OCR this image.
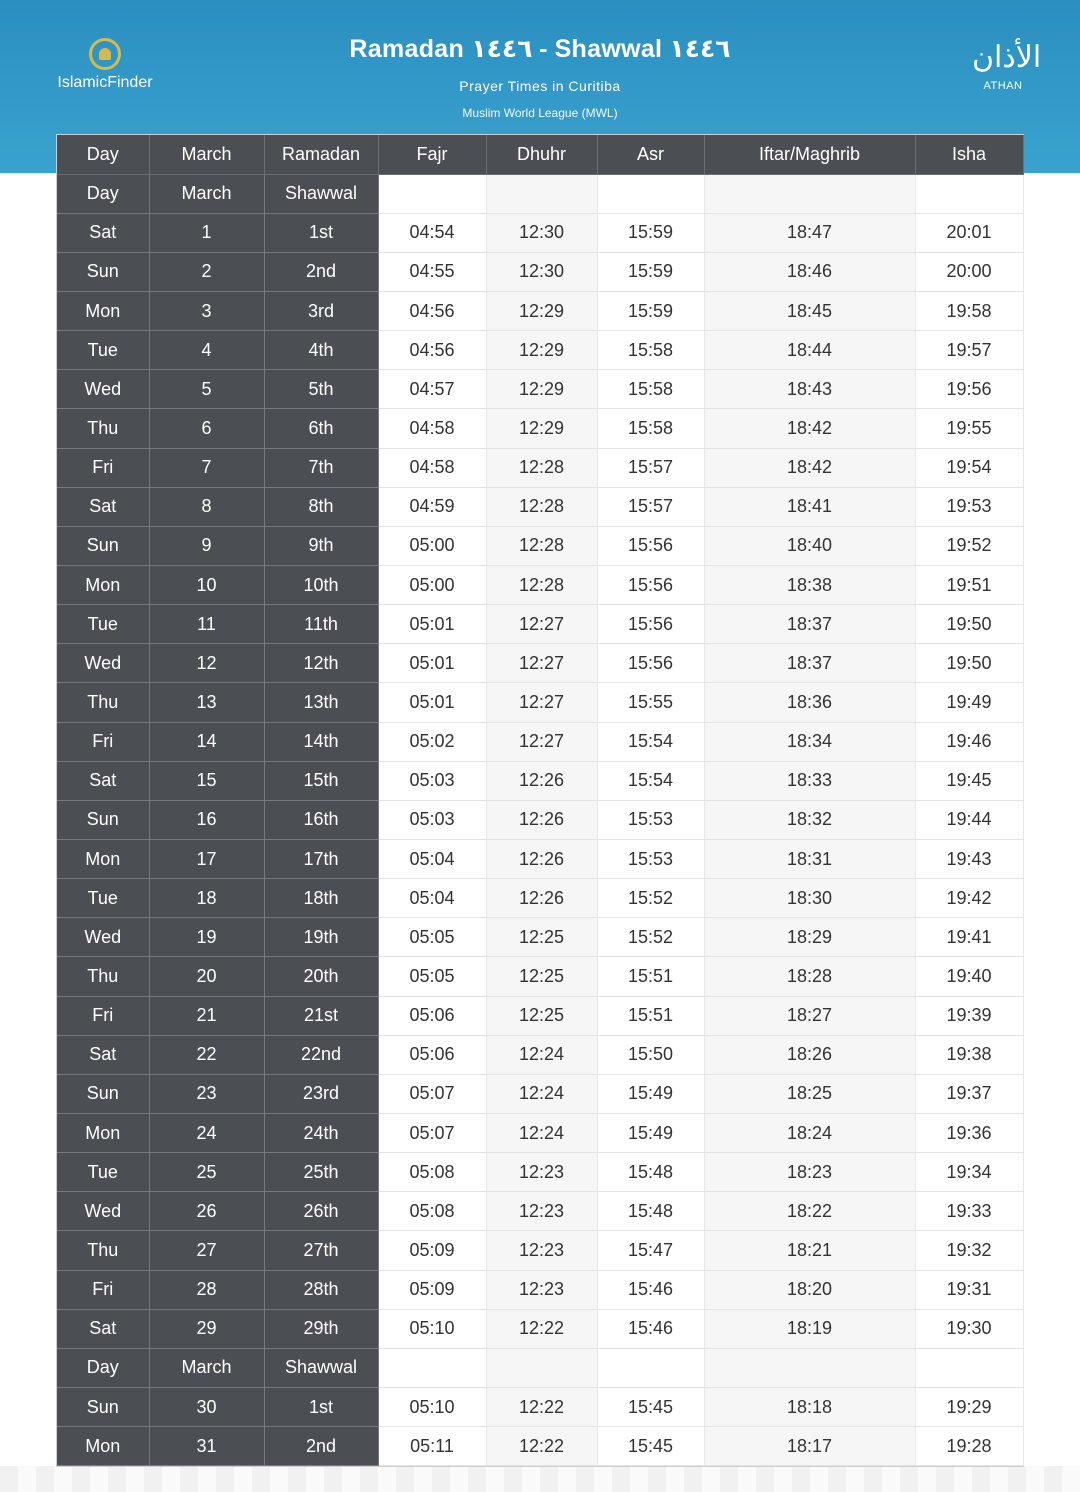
IslamicFinder
Ramadan ١٤٤٦ - Shawwal ١٤٤٦
Prayer Times in Curitiba
Muslim World League (MWL)
ﺍﻷﺫﺍﻥ
ATHAN
Day	March	Ramadan	Fajr	Dhuhr	Asr	Iftar/Maghrib	Isha
Day	March	Shawwal					
Sat	1	1st	04:54	12:30	15:59	18:47	20:01
Sun	2	2nd	04:55	12:30	15:59	18:46	20:00
Mon	3	3rd	04:56	12:29	15:59	18:45	19:58
Tue	4	4th	04:56	12:29	15:58	18:44	19:57
Wed	5	5th	04:57	12:29	15:58	18:43	19:56
Thu	6	6th	04:58	12:29	15:58	18:42	19:55
Fri	7	7th	04:58	12:28	15:57	18:42	19:54
Sat	8	8th	04:59	12:28	15:57	18:41	19:53
Sun	9	9th	05:00	12:28	15:56	18:40	19:52
Mon	10	10th	05:00	12:28	15:56	18:38	19:51
Tue	11	11th	05:01	12:27	15:56	18:37	19:50
Wed	12	12th	05:01	12:27	15:56	18:37	19:50
Thu	13	13th	05:01	12:27	15:55	18:36	19:49
Fri	14	14th	05:02	12:27	15:54	18:34	19:46
Sat	15	15th	05:03	12:26	15:54	18:33	19:45
Sun	16	16th	05:03	12:26	15:53	18:32	19:44
Mon	17	17th	05:04	12:26	15:53	18:31	19:43
Tue	18	18th	05:04	12:26	15:52	18:30	19:42
Wed	19	19th	05:05	12:25	15:52	18:29	19:41
Thu	20	20th	05:05	12:25	15:51	18:28	19:40
Fri	21	21st	05:06	12:25	15:51	18:27	19:39
Sat	22	22nd	05:06	12:24	15:50	18:26	19:38
Sun	23	23rd	05:07	12:24	15:49	18:25	19:37
Mon	24	24th	05:07	12:24	15:49	18:24	19:36
Tue	25	25th	05:08	12:23	15:48	18:23	19:34
Wed	26	26th	05:08	12:23	15:48	18:22	19:33
Thu	27	27th	05:09	12:23	15:47	18:21	19:32
Fri	28	28th	05:09	12:23	15:46	18:20	19:31
Sat	29	29th	05:10	12:22	15:46	18:19	19:30
Day	March	Shawwal					
Sun	30	1st	05:10	12:22	15:45	18:18	19:29
Mon	31	2nd	05:11	12:22	15:45	18:17	19:28
